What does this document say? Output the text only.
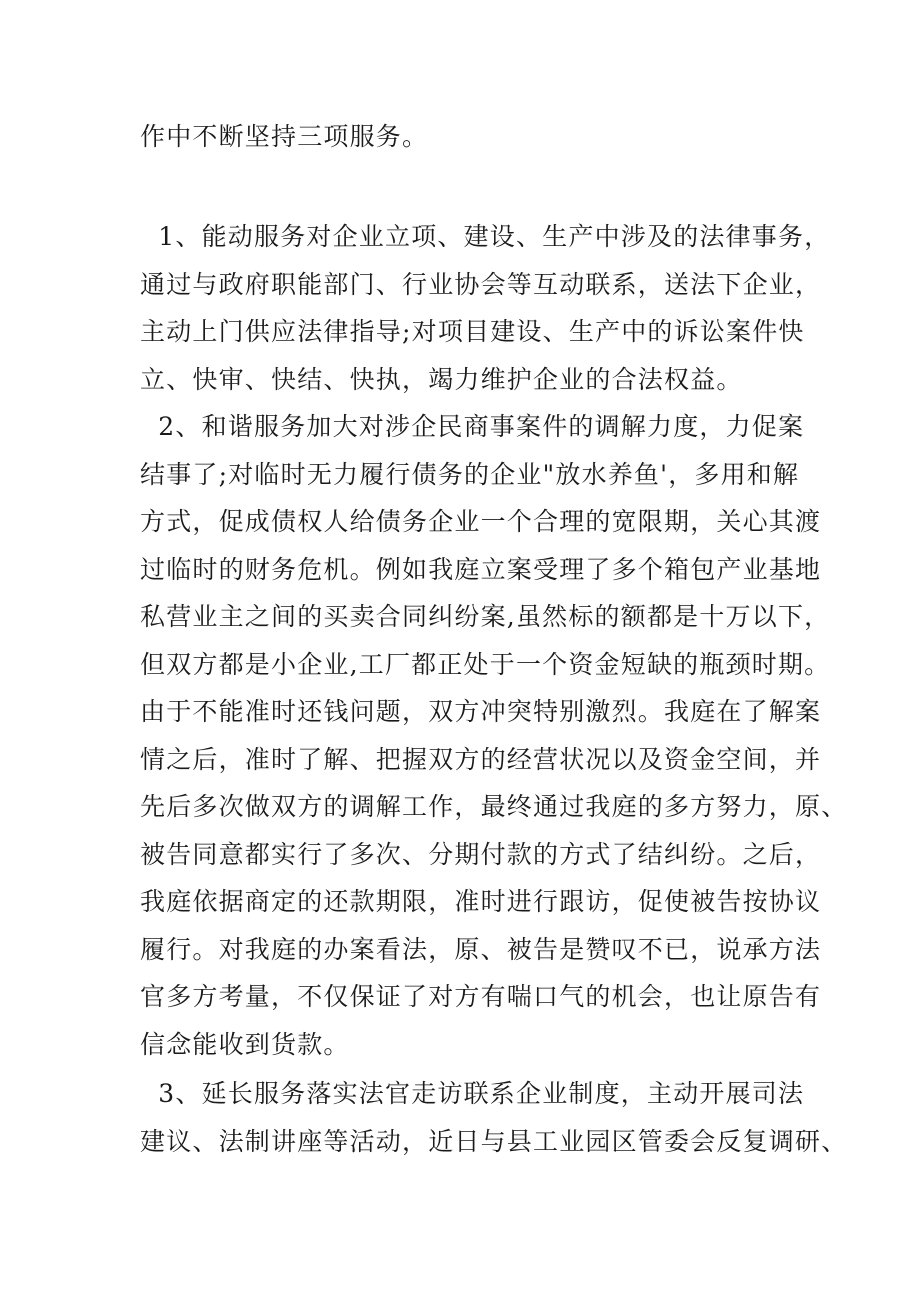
作中不断坚持三项服务。
1、能动服务对企业立项、建设、生产中涉及的法律事务，
通过与政府职能部门、行业协会等互动联系，送法下企业，
主动上门供应法律指导;对项目建设、生产中的诉讼案件快
立、快审、快结、快执，竭力维护企业的合法权益。
2、和谐服务加大对涉企民商事案件的调解力度，力促案
结事了;对临时无力履行债务的企业"放水养鱼'，多用和解
方式，促成债权人给债务企业一个合理的宽限期，关心其渡
过临时的财务危机。例如我庭立案受理了多个箱包产业基地
私营业主之间的买卖合同纠纷案,虽然标的额都是十万以下，
但双方都是小企业,工厂都正处于一个资金短缺的瓶颈时期。
由于不能准时还钱问题，双方冲突特别激烈。我庭在了解案
情之后，准时了解、把握双方的经营状况以及资金空间，并
先后多次做双方的调解工作，最终通过我庭的多方努力，原、
被告同意都实行了多次、分期付款的方式了结纠纷。之后，
我庭依据商定的还款期限，准时进行跟访，促使被告按协议
履行。对我庭的办案看法，原、被告是赞叹不已，说承方法
官多方考量，不仅保证了对方有喘口气的机会，也让原告有
信念能收到货款。
3、延长服务落实法官走访联系企业制度，主动开展司法
建议、法制讲座等活动，近日与县工业园区管委会反复调研、
